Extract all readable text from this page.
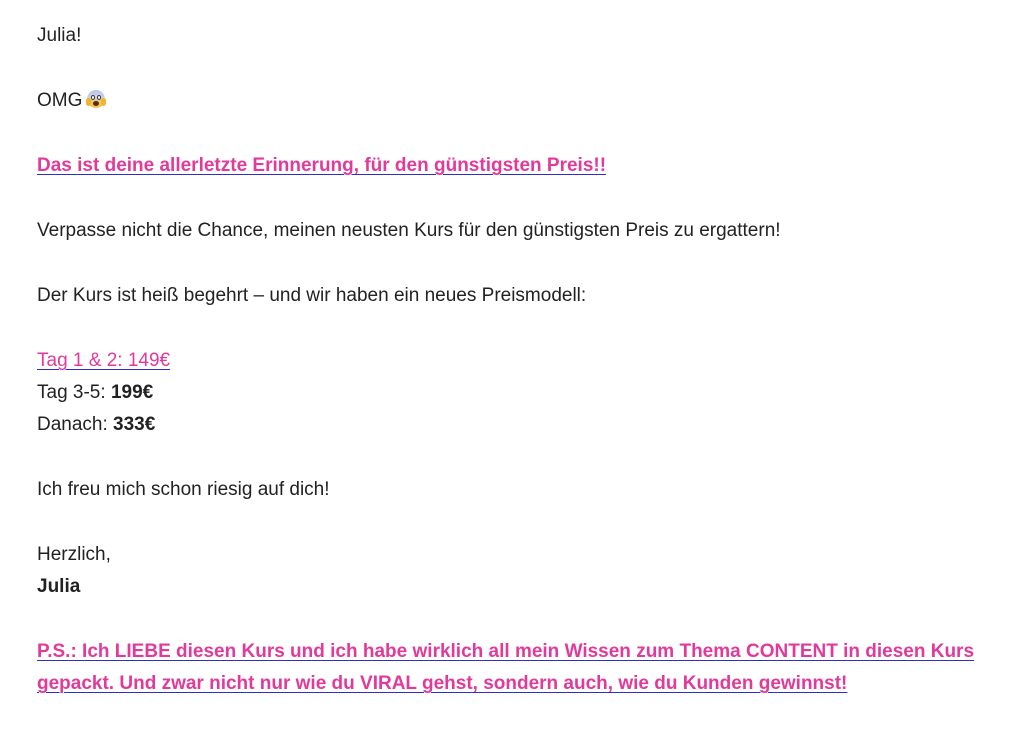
Julia!
OMG
Das ist deine allerletzte Erinnerung, für den günstigsten Preis!!
Verpasse nicht die Chance, meinen neusten Kurs für den günstigsten Preis zu ergattern!
Der Kurs ist heiß begehrt – und wir haben ein neues Preismodell:
Tag 1 & 2: 149€
Tag 3-5: 199€
Danach: 333€
Ich freu mich schon riesig auf dich!
Herzlich,
Julia
P.S.: Ich LIEBE diesen Kurs und ich habe wirklich all mein Wissen zum Thema CONTENT in diesen Kurs gepackt. Und zwar nicht nur wie du VIRAL gehst, sondern auch, wie du Kunden gewinnst!
